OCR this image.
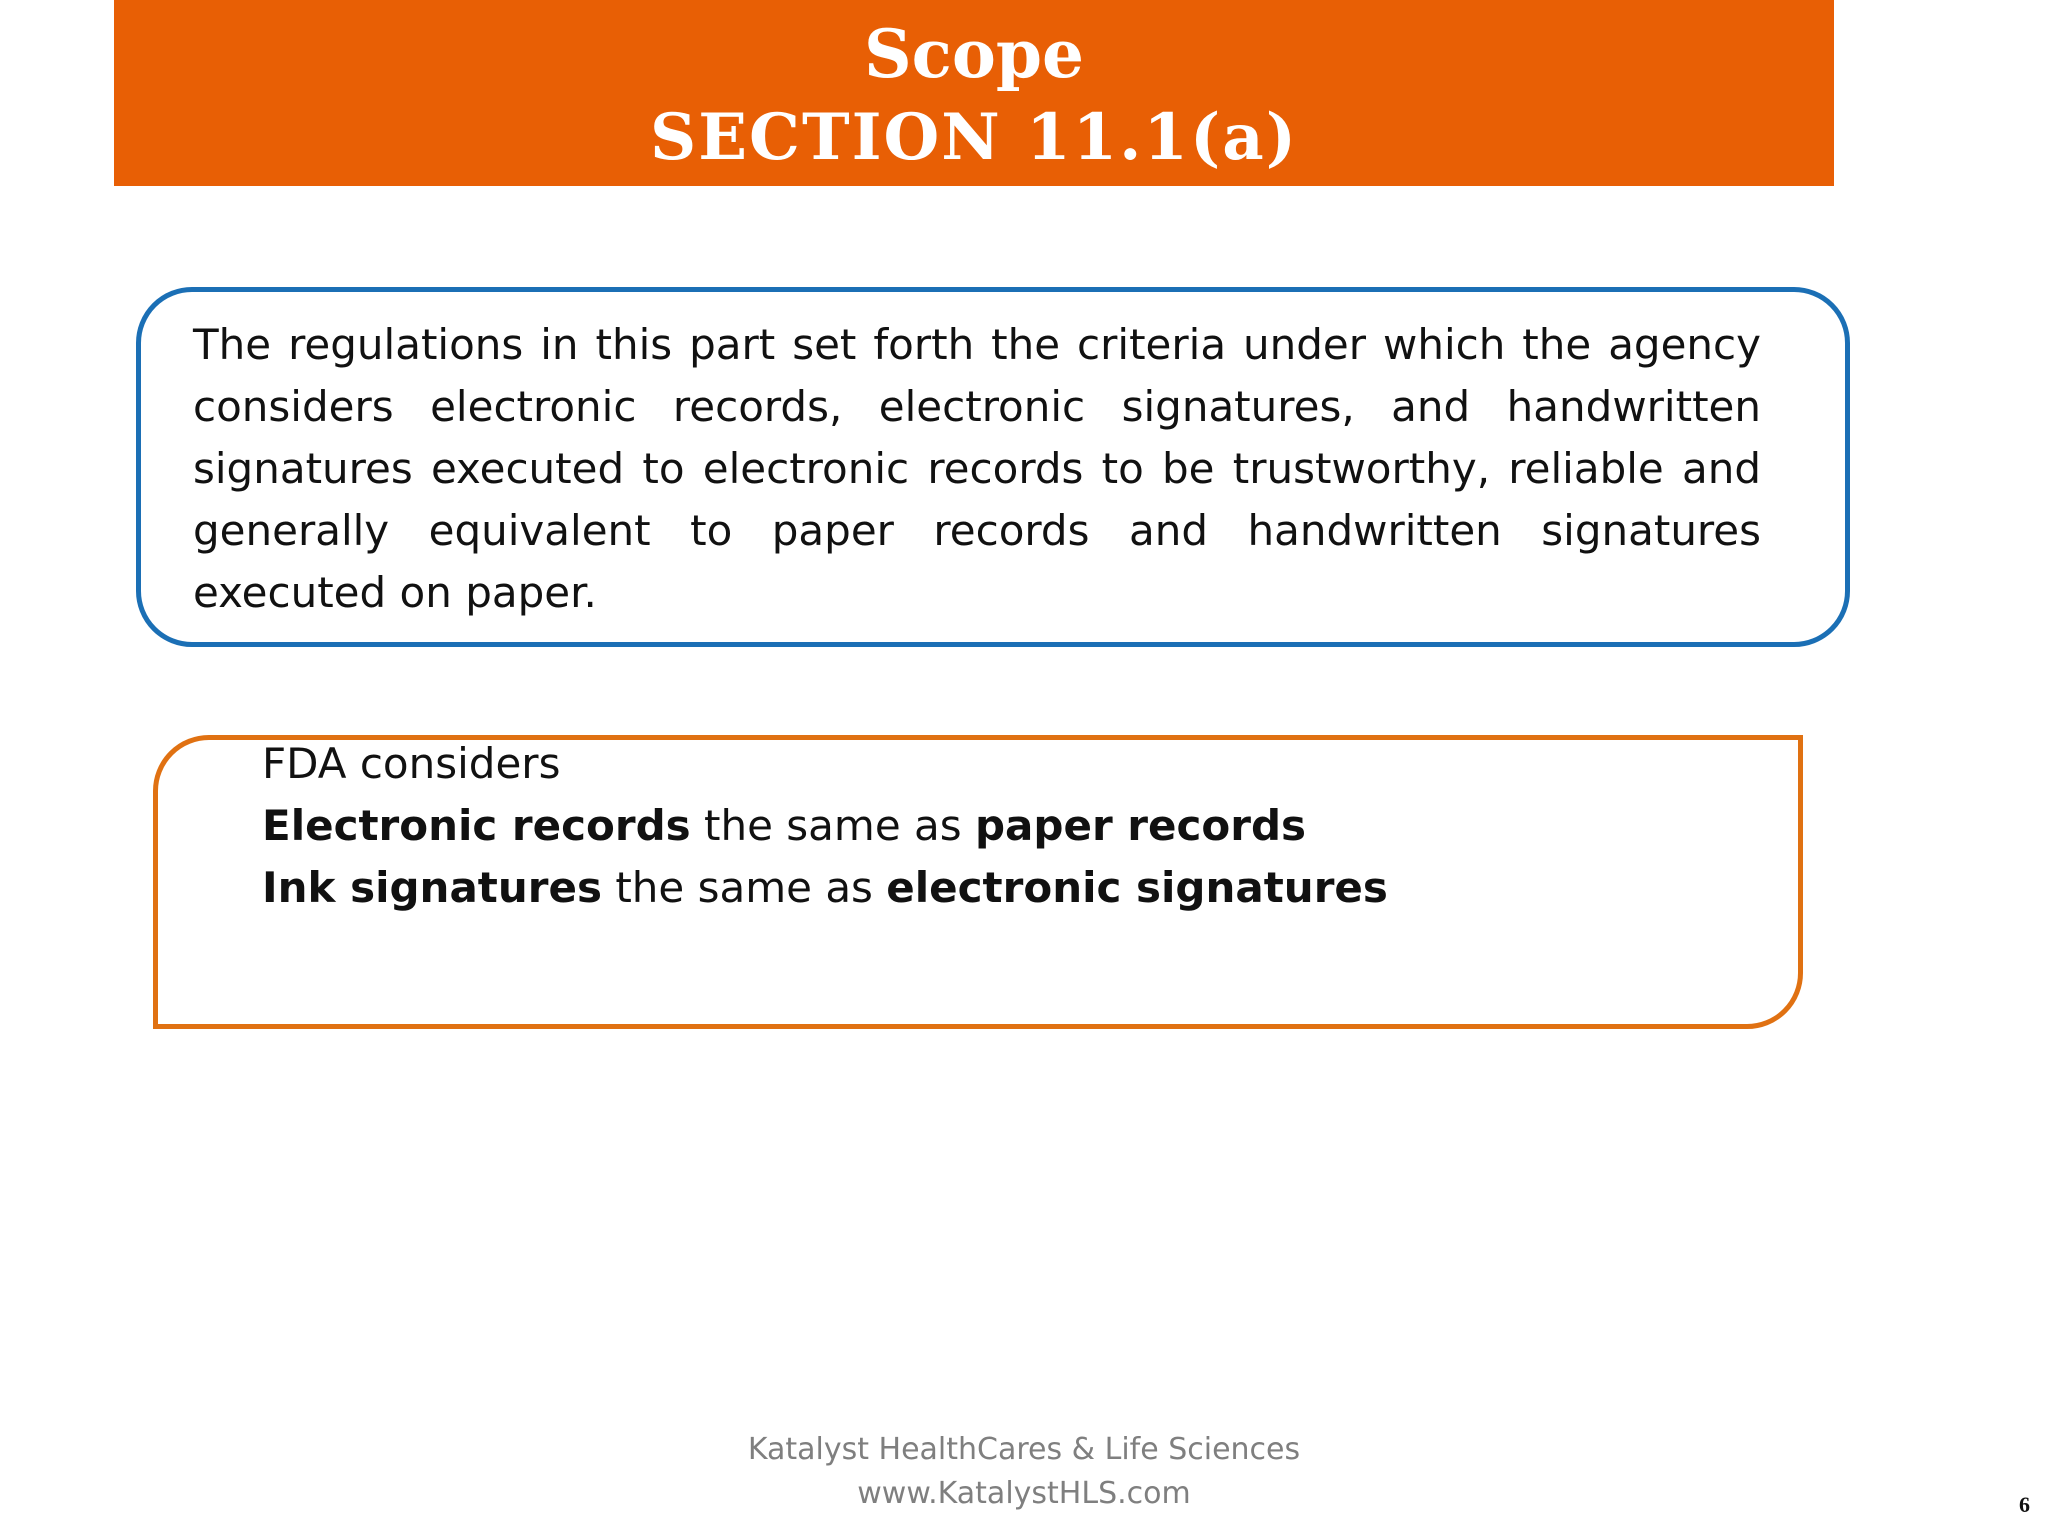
Scope
SECTION 11.1(a)

The regulations in this part set forth the criteria under which the agency considers electronic records, electronic signatures, and handwritten signatures executed to electronic records to be trustworthy, reliable and generally equivalent to paper records and handwritten signatures executed on paper.

FDA considers
Electronic records the same as paper records
Ink signatures the same as electronic signatures
Katalyst HealthCares & Life Sciences
www.KatalystHLS.com	6
